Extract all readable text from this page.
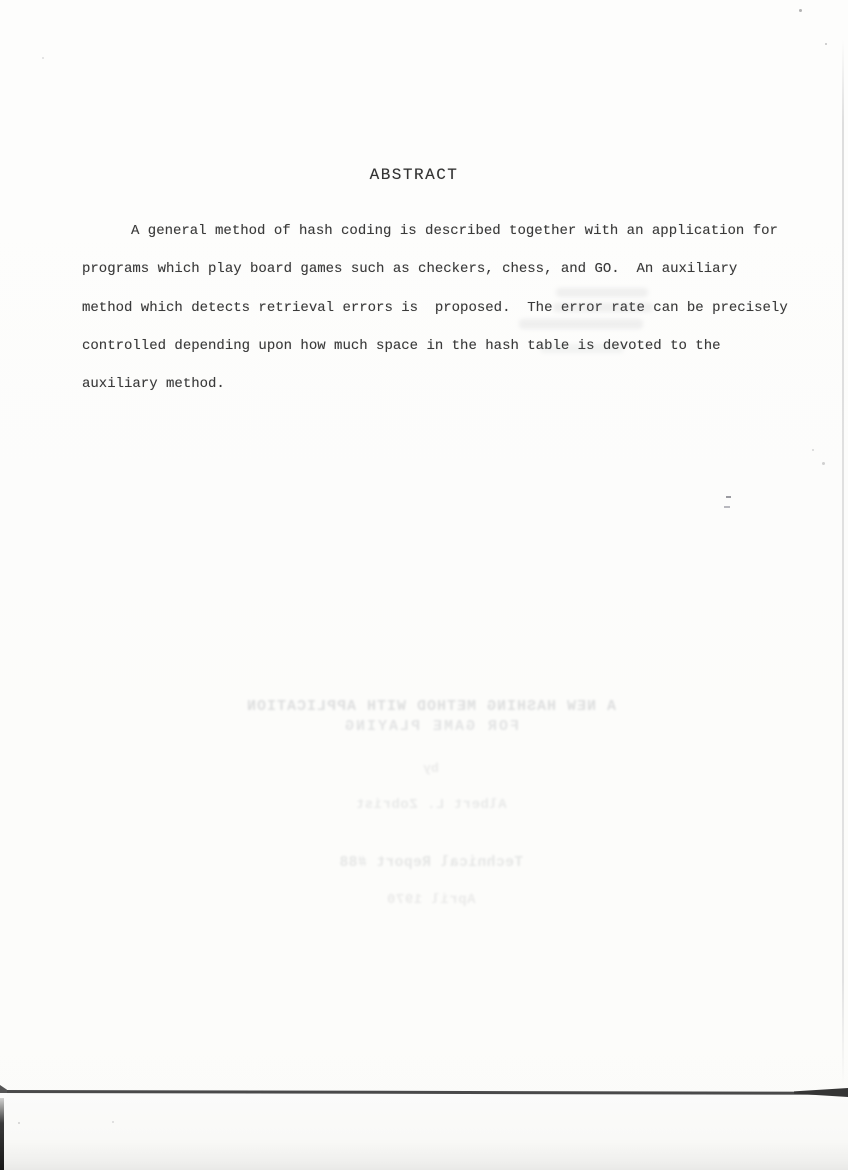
ABSTRACT
A general method of hash coding is described together with an application for
programs which play board games such as checkers, chess, and GO.  An auxiliary
method which detects retrieval errors is  proposed.  The error rate can be precisely
controlled depending upon how much space in the hash table is devoted to the
auxiliary method.
A NEW HASHING METHOD WITH APPLICATION
FOR GAME PLAYING
by
Albert L. Zobrist
Technical Report #88
April 1970
